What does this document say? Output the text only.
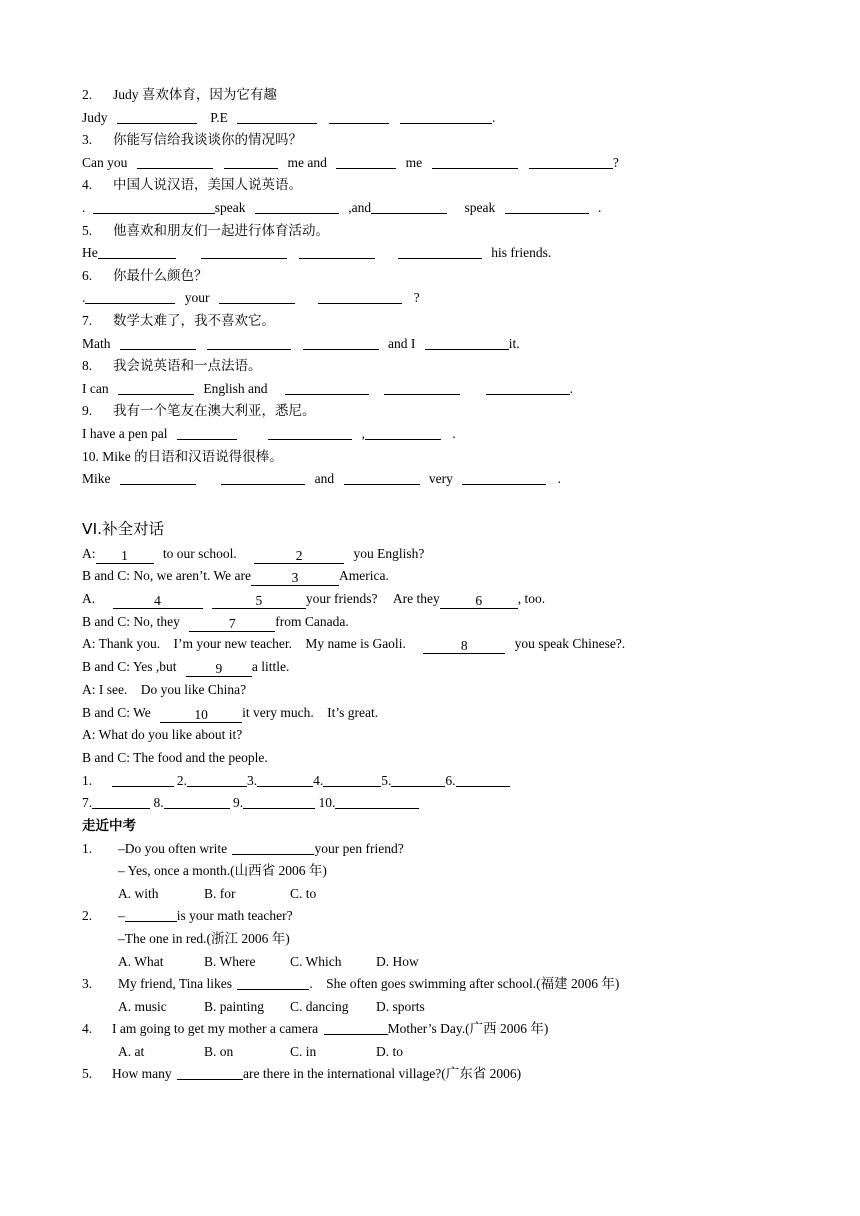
2. Judy 喜欢体育，因为它有趣
Judy	P.E	.
3. 你能写信给我谈谈你的情况吗？
Can you	me and	me	?
4. 中国人说汉语，美国人说英语。
.	speak	,and	speak	.
5. 他喜欢和朋友们一起进行体育活动。
He	his friends.
6. 你最什么颜色？
.	your	?
7. 数学太难了，我不喜欢它。
Math	and I	it.
8. 我会说英语和一点法语。
I can	English and	.
9. 我有一个笔友在澳大利亚，悉尼。
I have a pen pal	,	.
10. Mike 的日语和汉语说得很棒。
Mike	and	very	.
VI.补全对话
A: 1	to our school.	2	you English?
B and C: No, we aren’t. We are	3	America.
A.	4	5	your friends? Are they	6	, too.
B and C: No, they	7	from Canada.
A: Thank you. I’m your new teacher. My name is Gaoli.	8	you speak Chinese?.
B and C: Yes ,but	9 a little.
A: I see. Do you like China?
B and C: We	10	it very much. It’s great.
A: What do you like about it?
B and C: The food and the people.
1.	2.	3.	4.	5.	6.
7.	8.	9.	10.
走近中考
1. –Do you often write	your pen friend?
– Yes, once a month.(山西省 2006 年)
A. with	B. for	C. to
2. –	is your math teacher?
–The one in red.(浙江 2006 年)
A. What	B. Where	C. Which	D. How
3. My friend, Tina likes	. She often goes swimming after school.(福建 2006 年)
A. music	B. painting C. dancing D. sports
4. I am going to get my mother a camera	Mother’s Day.(广西 2006 年)
A. at	B. on	C. in	D. to
5. How many	are there in the international village?(广东省 2006)
